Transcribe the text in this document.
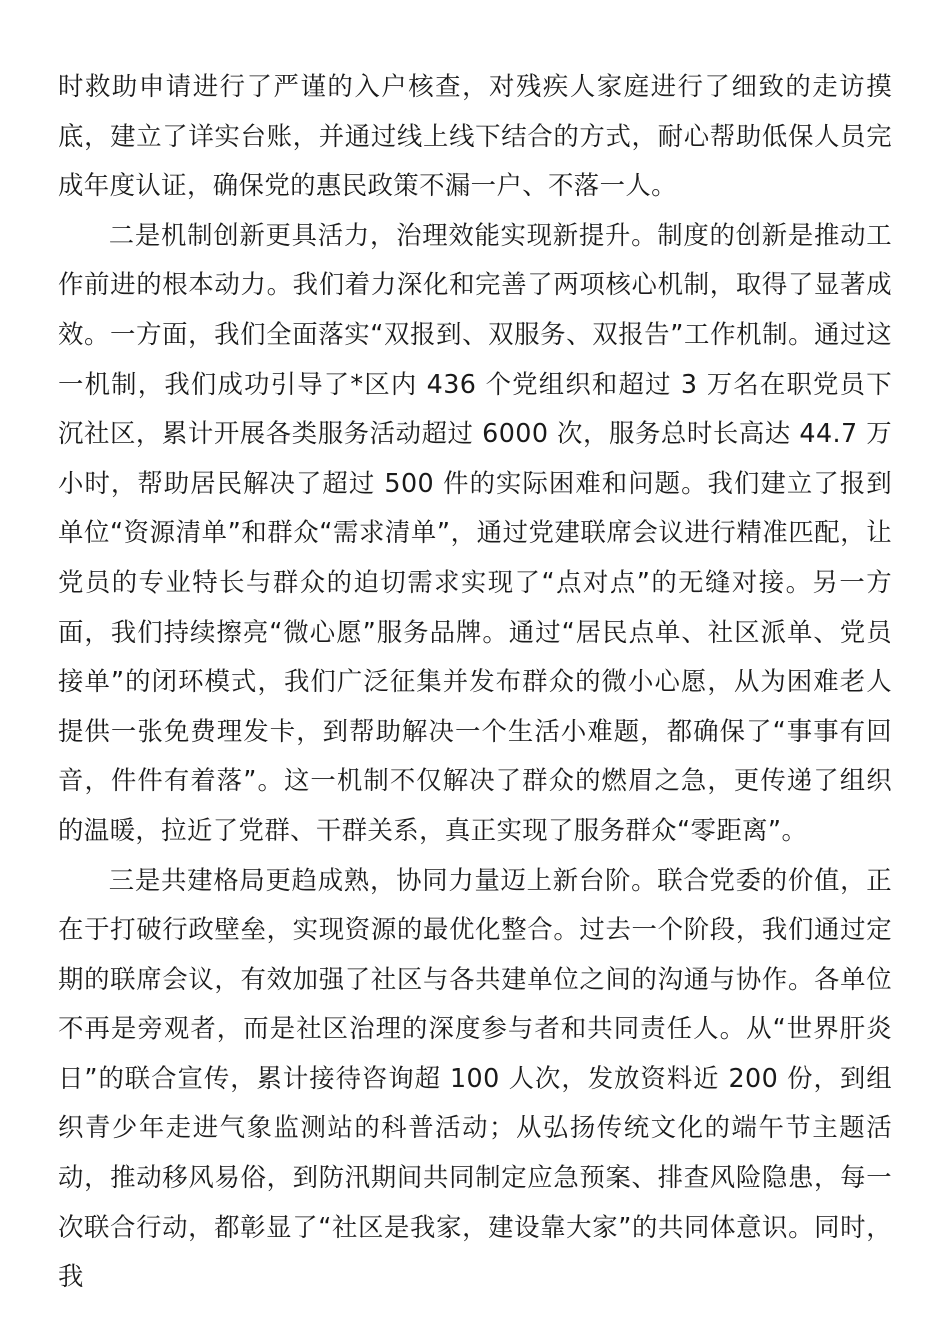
时救助申请进行了严谨的入户核查，对残疾人家庭进行了细致的走访摸底，建立了详实台账，并通过线上线下结合的方式，耐心帮助低保人员完成年度认证，确保党的惠民政策不漏一户、不落一人。

二是机制创新更具活力，治理效能实现新提升。制度的创新是推动工作前进的根本动力。我们着力深化和完善了两项核心机制，取得了显著成效。一方面，我们全面落实“双报到、双服务、双报告”工作机制。通过这一机制，我们成功引导了*区内 436 个党组织和超过 3 万名在职党员下沉社区，累计开展各类服务活动超过 6000 次，服务总时长高达 44.7 万小时，帮助居民解决了超过 500 件的实际困难和问题。我们建立了报到单位“资源清单”和群众“需求清单”，通过党建联席会议进行精准匹配，让党员的专业特长与群众的迫切需求实现了“点对点”的无缝对接。另一方面，我们持续擦亮“微心愿”服务品牌。通过“居民点单、社区派单、党员接单”的闭环模式，我们广泛征集并发布群众的微小心愿，从为困难老人提供一张免费理发卡，到帮助解决一个生活小难题，都确保了“事事有回音，件件有着落”。这一机制不仅解决了群众的燃眉之急，更传递了组织的温暖，拉近了党群、干群关系，真正实现了服务群众“零距离”。

三是共建格局更趋成熟，协同力量迈上新台阶。联合党委的价值，正在于打破行政壁垒，实现资源的最优化整合。过去一个阶段，我们通过定期的联席会议，有效加强了社区与各共建单位之间的沟通与协作。各单位不再是旁观者，而是社区治理的深度参与者和共同责任人。从“世界肝炎日”的联合宣传，累计接待咨询超 100 人次，发放资料近 200 份，到组织青少年走进气象监测站的科普活动；从弘扬传统文化的端午节主题活动，推动移风易俗，到防汛期间共同制定应急预案、排查风险隐患，每一次联合行动，都彰显了“社区是我家，建设靠大家”的共同体意识。同时，我
